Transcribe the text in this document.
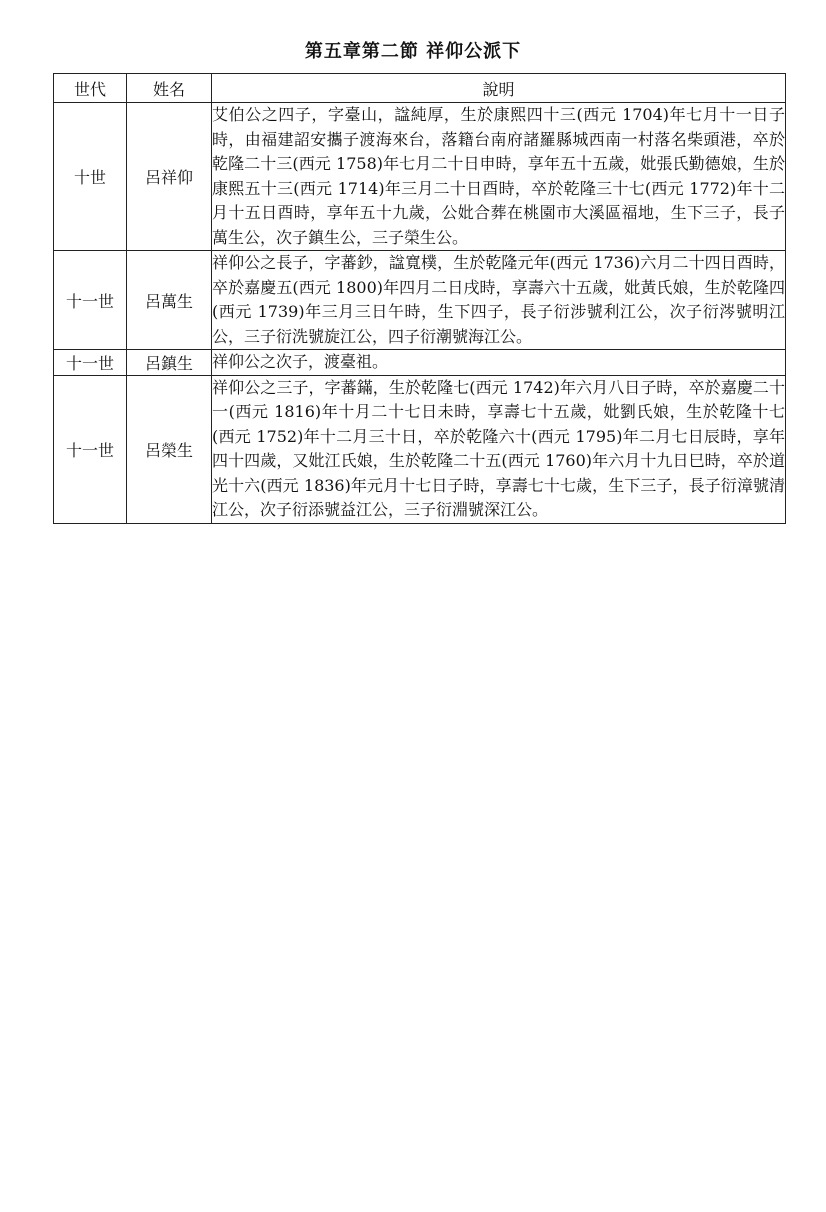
第五章第二節 祥仰公派下
世代	姓名	說明
十世	呂祥仰	艾伯公之四子，字臺山，諡純厚，生於康熙四十三(西元 1704)年七月十一日子時，由福建詔安攜子渡海來台，落籍台南府諸羅縣城西南一村落名柴頭港，卒於乾隆二十三(西元 1758)年七月二十日申時，享年五十五歲，妣張氏勤德娘，生於康熙五十三(西元 1714)年三月二十日酉時，卒於乾隆三十七(西元 1772)年十二月十五日酉時，享年五十九歲，公妣合葬在桃園市大溪區福地，生下三子，長子萬生公，次子鎮生公，三子榮生公。
十一世	呂萬生	祥仰公之長子，字蕃鈔，諡寬樸，生於乾隆元年(西元 1736)六月二十四日酉時，卒於嘉慶五(西元 1800)年四月二日戌時，享壽六十五歲，妣黃氏娘，生於乾隆四(西元 1739)年三月三日午時，生下四子，長子衍涉號利江公，次子衍涔號明江公，三子衍洗號旋江公，四子衍潮號海江公。
十一世	呂鎮生	祥仰公之次子，渡臺祖。
十一世	呂榮生	祥仰公之三子，字蕃鏋，生於乾隆七(西元 1742)年六月八日子時，卒於嘉慶二十一(西元 1816)年十月二十七日未時，享壽七十五歲，妣劉氏娘，生於乾隆十七(西元 1752)年十二月三十日，卒於乾隆六十(西元 1795)年二月七日辰時，享年四十四歲，又妣江氏娘，生於乾隆二十五(西元 1760)年六月十九日巳時，卒於道光十六(西元 1836)年元月十七日子時，享壽七十七歲，生下三子，長子衍漳號清江公，次子衍添號益江公，三子衍淵號深江公。
